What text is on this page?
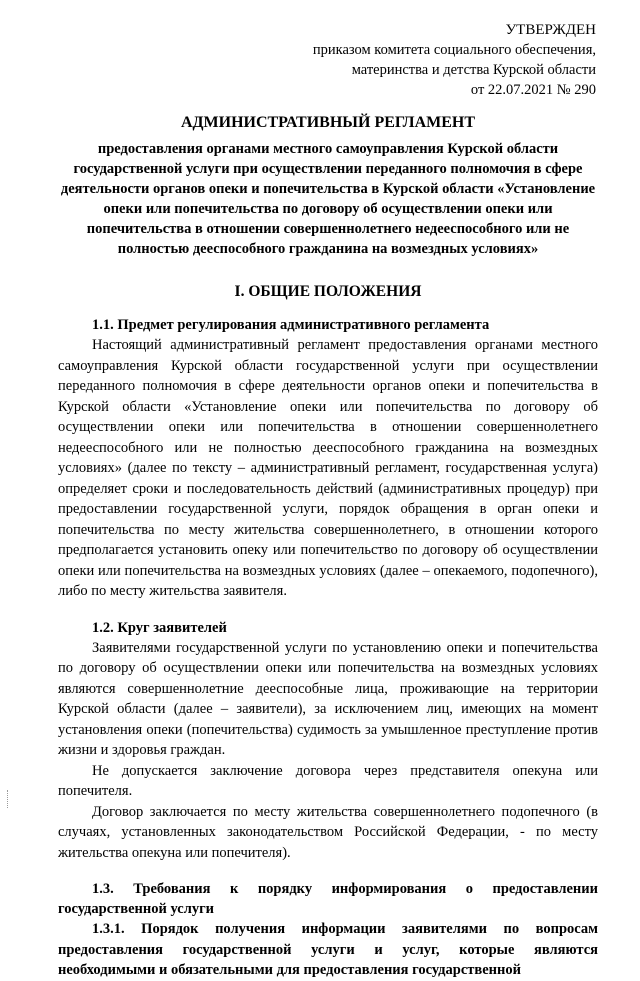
УТВЕРЖДЕН
приказом комитета социального обеспечения,
материнства и детства Курской области
от 22.07.2021 № 290

АДМИНИСТРАТИВНЫЙ РЕГЛАМЕНТ

предоставления органами местного самоуправления Курской области государственной услуги при осуществлении переданного полномочия в сфере деятельности органов опеки и попечительства в Курской области «Установление опеки или попечительства по договору об осуществлении опеки или попечительства в отношении совершеннолетнего недееспособного или не полностью дееспособного гражданина на возмездных условиях»

I. ОБЩИЕ ПОЛОЖЕНИЯ

1.1. Предмет регулирования административного регламента

Настоящий административный регламент предоставления органами местного самоуправления Курской области государственной услуги при осуществлении переданного полномочия в сфере деятельности органов опеки и попечительства в Курской области «Установление опеки или попечительства по договору об осуществлении опеки или попечительства в отношении совершеннолетнего недееспособного или не полностью дееспособного гражданина на возмездных условиях» (далее по тексту – административный регламент, государственная услуга) определяет сроки и последовательность действий (административных процедур) при предоставлении государственной услуги, порядок обращения в орган опеки и попечительства по месту жительства совершеннолетнего, в отношении которого предполагается установить опеку или попечительство по договору об осуществлении опеки или попечительства на возмездных условиях (далее – опекаемого, подопечного), либо по месту жительства заявителя.

1.2. Круг заявителей

Заявителями государственной услуги по установлению опеки и попечительства по договору об осуществлении опеки или попечительства на возмездных условиях являются совершеннолетние дееспособные лица, проживающие на территории Курской области (далее – заявители), за исключением лиц, имеющих на момент установления опеки (попечительства) судимость за умышленное преступление против жизни и здоровья граждан.

Не допускается заключение договора через представителя опекуна или попечителя.

Договор заключается по месту жительства совершеннолетнего подопечного (в случаях, установленных законодательством Российской Федерации, - по месту жительства опекуна или попечителя).

1.3. Требования к порядку информирования о предоставлении государственной услуги

1.3.1. Порядок получения информации заявителями по вопросам предоставления государственной услуги и услуг, которые являются необходимыми и обязательными для предоставления государственной
